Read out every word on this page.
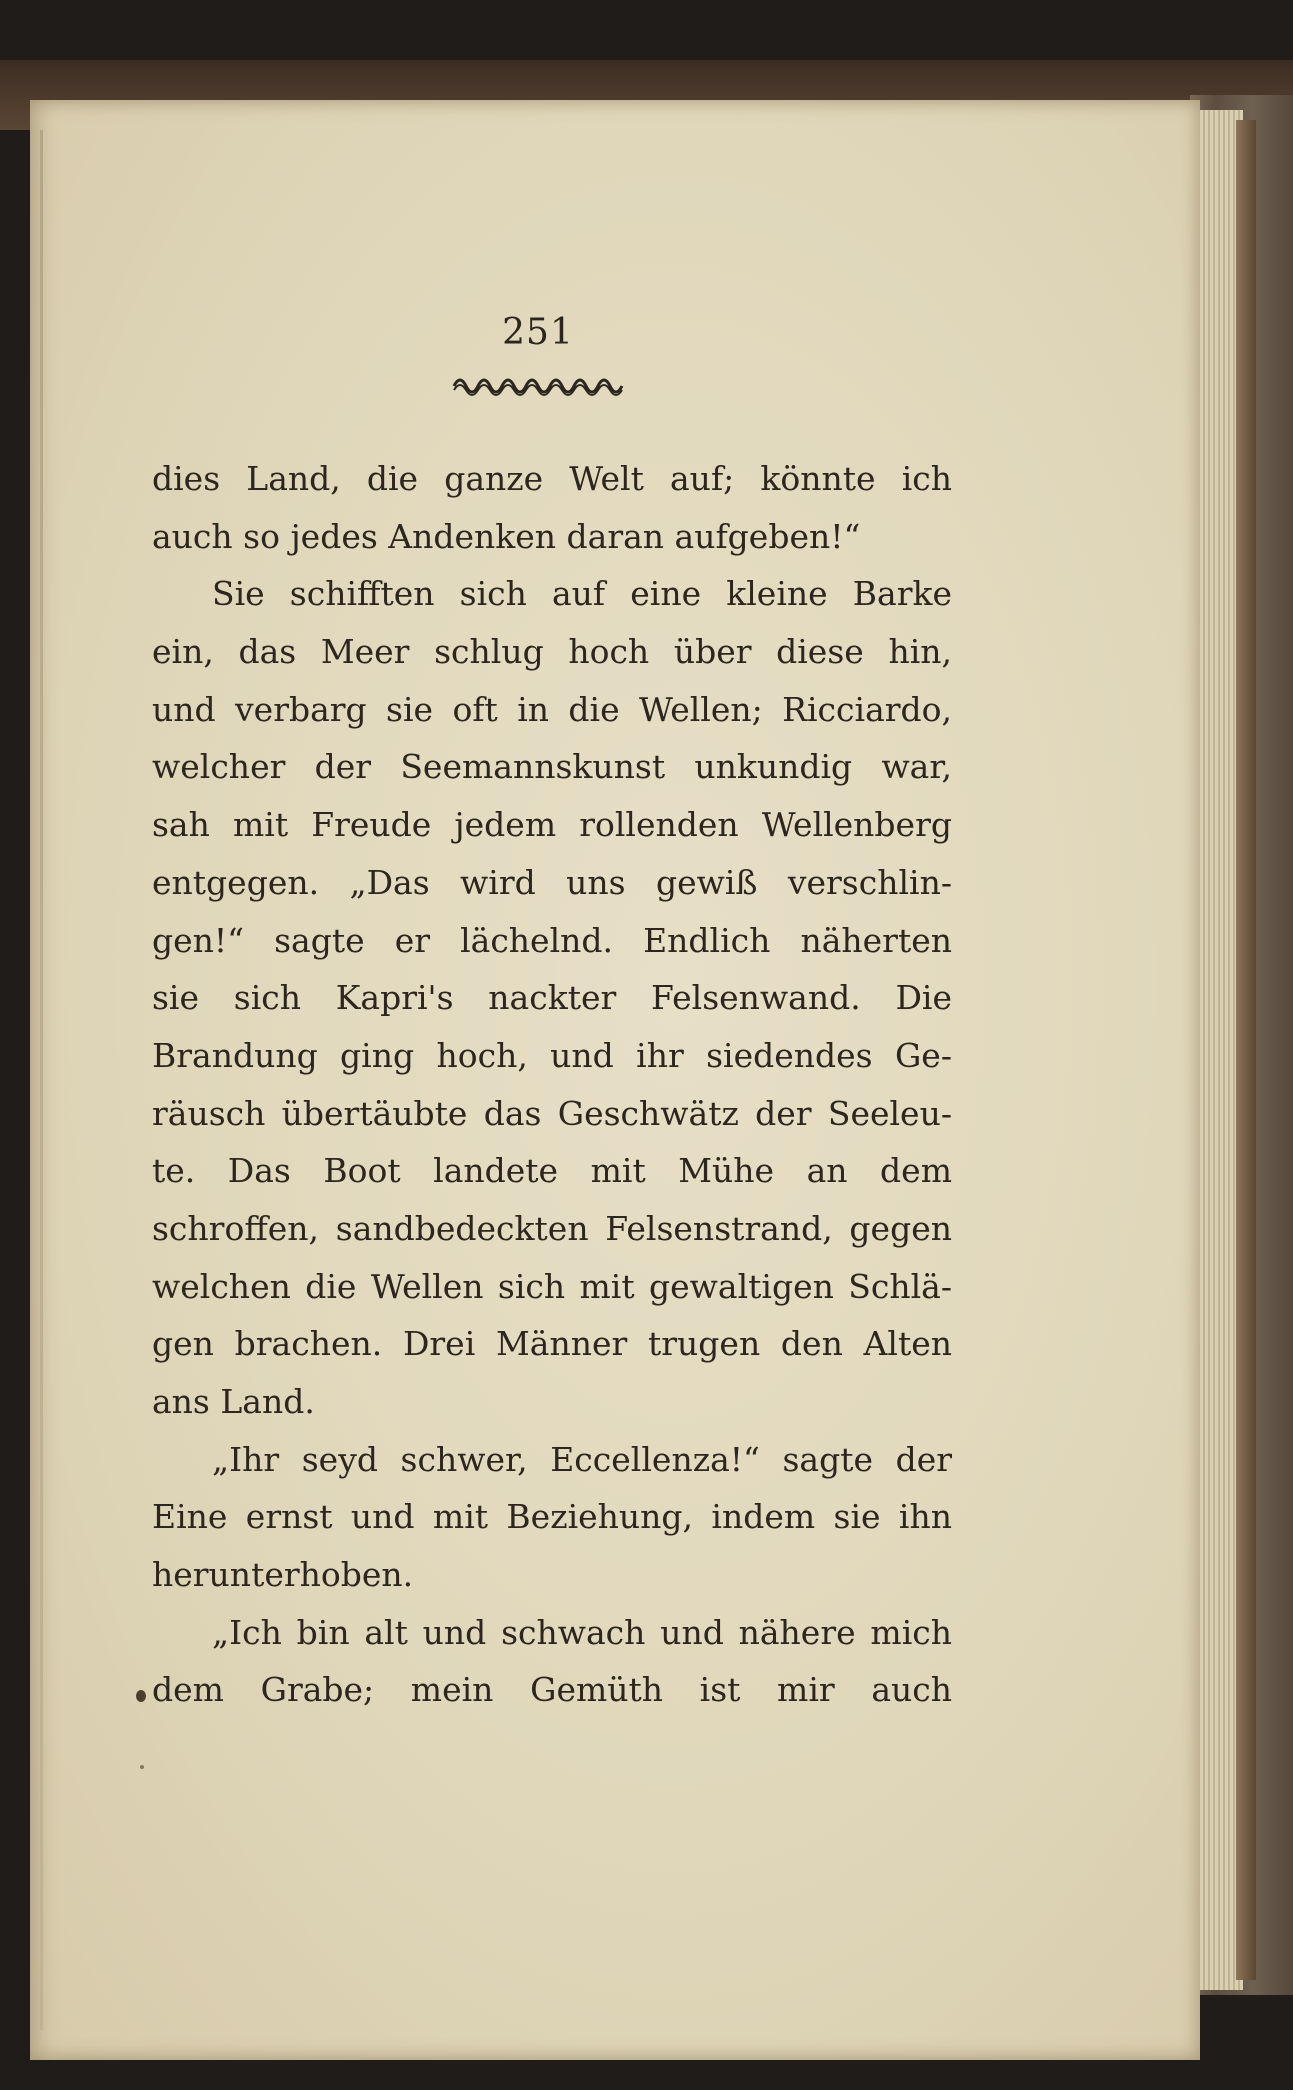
251
dies Land, die ganze Welt auf; könnte ich
auch so jedes Andenken daran aufgeben!“
Sie schifften sich auf eine kleine Barke
ein, das Meer schlug hoch über diese hin,
und verbarg sie oft in die Wellen; Ricciardo,
welcher der Seemannskunst unkundig war,
sah mit Freude jedem rollenden Wellenberg
entgegen. „Das wird uns gewiß verschlin-
gen!“ sagte er lächelnd. Endlich näherten
sie sich Kapri's nackter Felsenwand. Die
Brandung ging hoch, und ihr siedendes Ge-
räusch übertäubte das Geschwätz der Seeleu-
te. Das Boot landete mit Mühe an dem
schroffen, sandbedeckten Felsenstrand, gegen
welchen die Wellen sich mit gewaltigen Schlä-
gen brachen. Drei Männer trugen den Alten
ans Land.
„Ihr seyd schwer, Eccellenza!“ sagte der
Eine ernst und mit Beziehung, indem sie ihn
herunterhoben.
„Ich bin alt und schwach und nähere mich
dem Grabe; mein Gemüth ist mir auch
